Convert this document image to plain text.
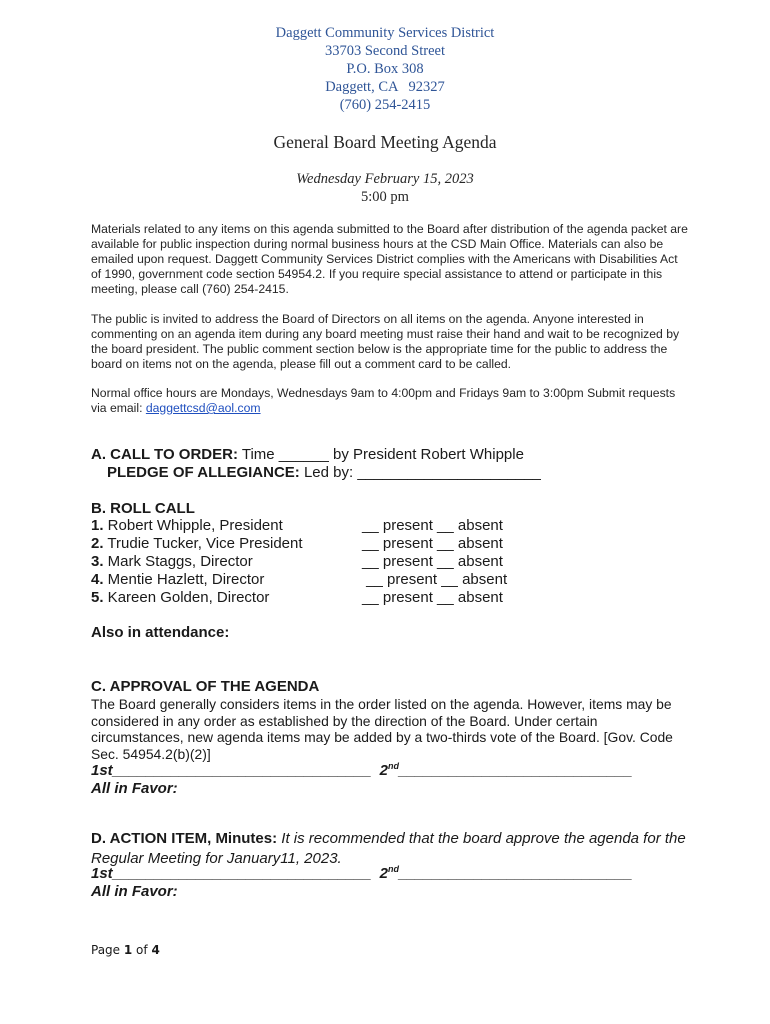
Daggett Community Services District
33703 Second Street
P.O. Box 308
Daggett, CA   92327
(760) 254-2415
General Board Meeting Agenda
Wednesday February 15, 2023
5:00 pm
Materials related to any items on this agenda submitted to the Board after distribution of the agenda packet are available for public inspection during normal business hours at the CSD Main Office. Materials can also be emailed upon request. Daggett Community Services District complies with the Americans with Disabilities Act of 1990, government code section 54954.2. If you require special assistance to attend or participate in this meeting, please call (760) 254-2415.
The public is invited to address the Board of Directors on all items on the agenda. Anyone interested in commenting on an agenda item during any board meeting must raise their hand and wait to be recognized by the board president. The public comment section below is the appropriate time for the public to address the board on items not on the agenda, please fill out a comment card to be called.
Normal office hours are Mondays, Wednesdays 9am to 4:00pm and Fridays 9am to 3:00pm Submit requests via email: daggettcsd@aol.com
A. CALL TO ORDER: Time ______ by President Robert Whipple
PLEDGE OF ALLEGIANCE: Led by: ______________________
B. ROLL CALL
1. Robert Whipple, President	__ present __ absent
2. Trudie Tucker, Vice President	__ present __ absent
3. Mark Staggs, Director	__ present __ absent
4. Mentie Hazlett, Director	__ present __ absent
5. Kareen Golden, Director	__ present __ absent
Also in attendance:
C. APPROVAL OF THE AGENDA
The Board generally considers items in the order listed on the agenda. However, items may be considered in any order as established by the direction of the Board. Under certain circumstances, new agenda items may be added by a two-thirds vote of the Board. [Gov. Code Sec. 54954.2(b)(2)]
1st_______________________________ 2nd____________________________
All in Favor:
D. ACTION ITEM, Minutes: It is recommended that the board approve the agenda for the Regular Meeting for January11, 2023.
1st_______________________________ 2nd____________________________
All in Favor:
Page 1 of 4
